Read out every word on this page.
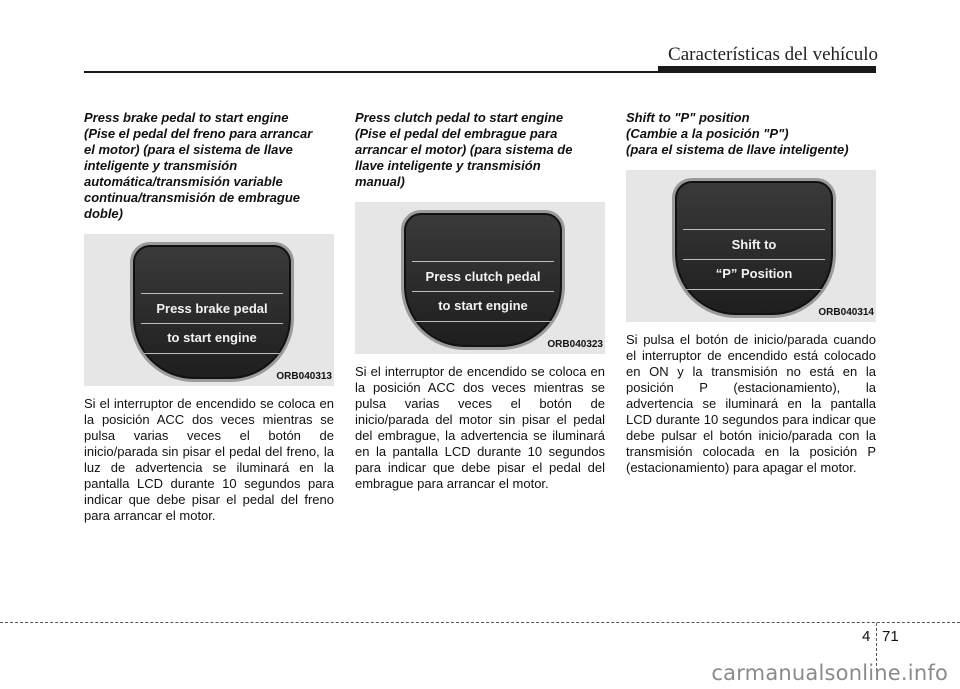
Características del vehículo

Press brake pedal to start engine
(Pise el pedal del freno para arrancar
el motor) (para el sistema de llave
inteligente y transmisión
automática/transmisión variable
continua/transmisión de embrague
doble)

Press brake pedal
to start engine
ORB040313

Si el interruptor de encendido se coloca en la posición ACC dos veces mientras se pulsa varias veces el botón de inicio/parada sin pisar el pedal del freno, la luz de advertencia se iluminará en la pantalla LCD durante 10 segundos para indicar que debe pisar el pedal del freno para arrancar el motor.

Press clutch pedal to start engine
(Pise el pedal del embrague para
arrancar el motor) (para sistema de
llave inteligente y transmisión
manual)

Press clutch pedal
to start engine
ORB040323

Si el interruptor de encendido se coloca en la posición ACC dos veces mientras se pulsa varias veces el botón de inicio/parada del motor sin pisar el pedal del embrague, la advertencia se iluminará en la pantalla LCD durante 10 segundos para indicar que debe pisar el pedal del embrague para arrancar el motor.

Shift to "P" position
(Cambie a la posición "P")
(para el sistema de llave inteligente)

Shift to
“P” Position
ORB040314

Si pulsa el botón de inicio/parada cuando el interruptor de encendido está colocado en ON y la transmisión no está en la posición P (estacionamiento), la advertencia se iluminará en la pantalla LCD durante 10 segundos para indicar que debe pulsar el botón inicio/parada con la transmisión colocada en la posición P (estacionamiento) para apagar el motor.

4 71
carmanualsonline.info
